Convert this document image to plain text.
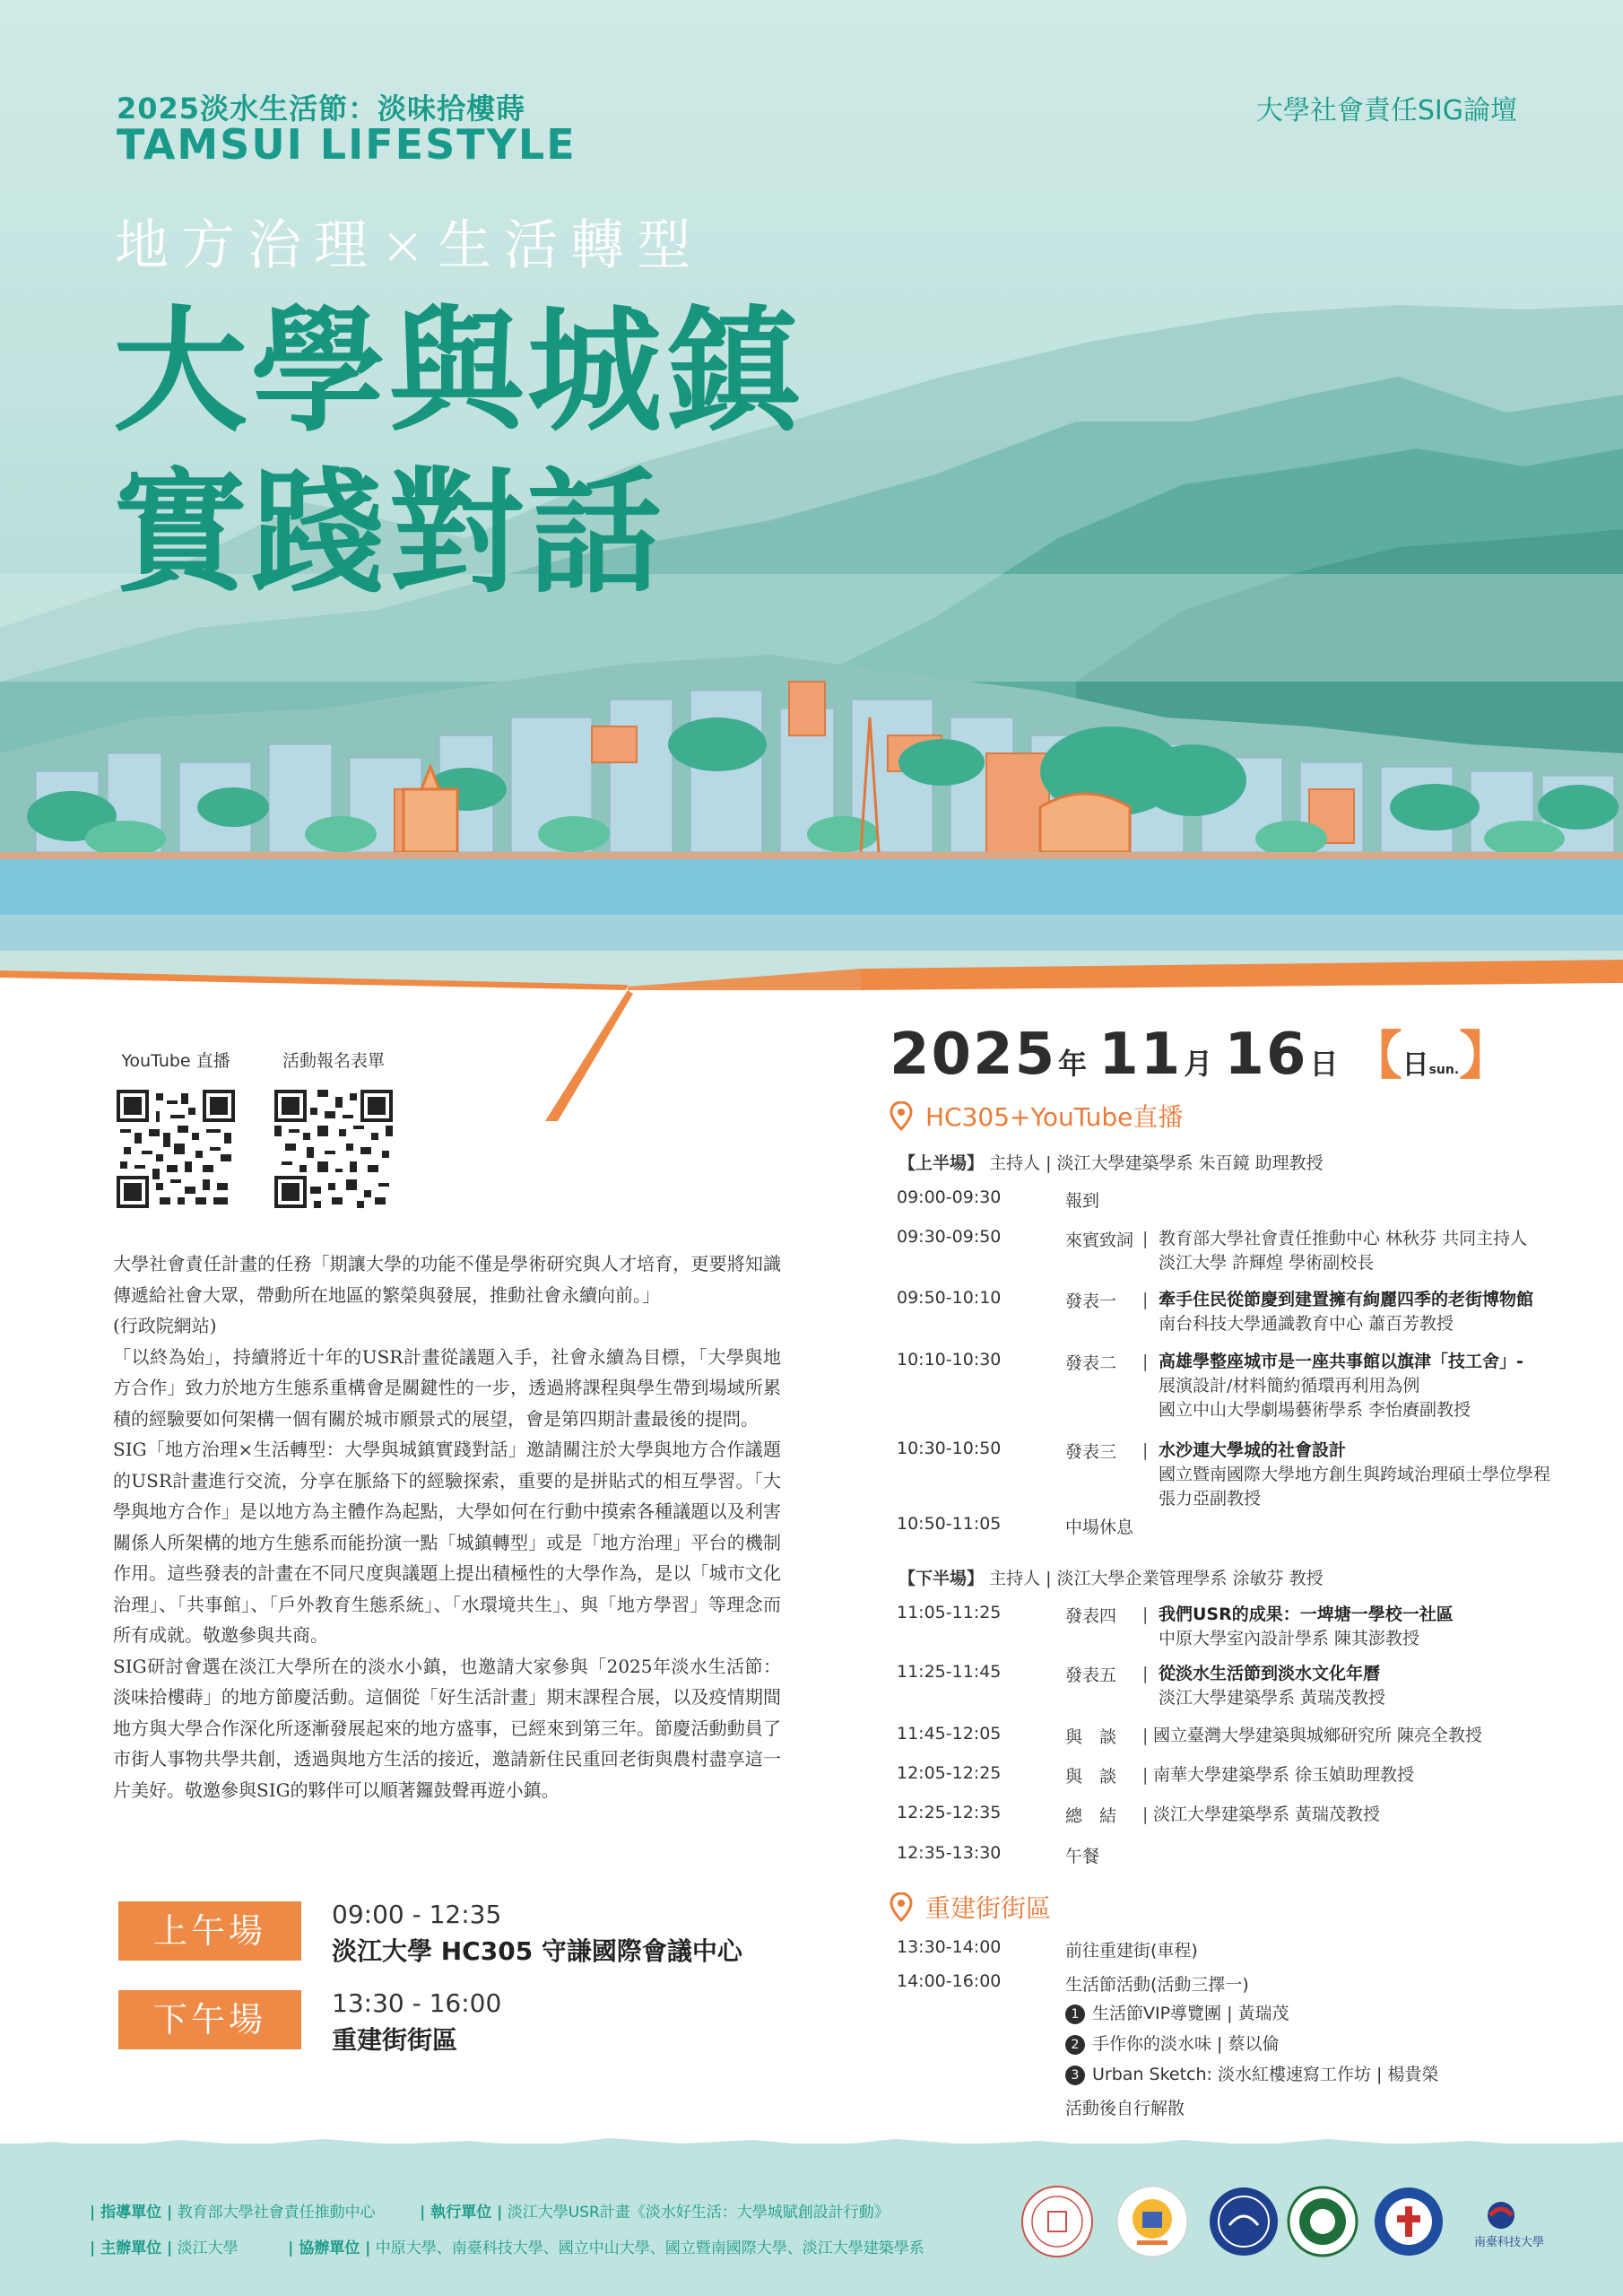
2025淡水生活節：淡味拾樓蒔
TAMSUI LIFESTYLE
大學社會責任SIG論壇
地方治理×生活轉型
大學與城鎮
實踐對話
YouTube 直播	活動報名表單

大學社會責任計畫的任務「期讓大學的功能不僅是學術研究與人才培育，更要將知識傳遞給社會大眾，帶動所在地區的繁榮與發展，推動社會永續向前。」

(行政院網站)

「以終為始」，持續將近十年的USR計畫從議題入手，社會永續為目標，「大學與地方合作」致力於地方生態系重構會是關鍵性的一步，透過將課程與學生帶到場域所累積的經驗要如何架構一個有關於城市願景式的展望，會是第四期計畫最後的提問。

SIG「地方治理×生活轉型：大學與城鎮實踐對話」邀請關注於大學與地方合作議題的USR計畫進行交流，分享在脈絡下的經驗探索，重要的是拼貼式的相互學習。「大學與地方合作」是以地方為主體作為起點，大學如何在行動中摸索各種議題以及利害關係人所架構的地方生態系而能扮演一點「城鎮轉型」或是「地方治理」平台的機制作用。這些發表的計畫在不同尺度與議題上提出積極性的大學作為，是以「城市文化治理」、「共事館」、「戶外教育生態系統」、「水環境共生」、與「地方學習」等理念而所有成就。敬邀參與共商。

SIG研討會選在淡江大學所在的淡水小鎮，也邀請大家參與「2025年淡水生活節：淡味拾樓蒔」的地方節慶活動。這個從「好生活計畫」期末課程合展，以及疫情期間地方與大學合作深化所逐漸發展起來的地方盛事，已經來到第三年。節慶活動動員了市街人事物共學共創，透過與地方生活的接近，邀請新住民重回老街與農村盡享這一片美好。敬邀參與SIG的夥伴可以順著鑼鼓聲再遊小鎮。

上午場	09:00 - 12:35
淡江大學 HC305 守謙國際會議中心
下午場	13:30 - 16:00
重建街街區
2025年 11月 16日 【日sun.】
HC305+YouTube直播
【上半場】 主持人 | 淡江大學建築學系 朱百鏡 助理教授
09:00-09:30	報到
09:30-09:50	來賓致詞 | 教育部大學社會責任推動中心 林秋芬 共同主持人
淡江大學 許輝煌 學術副校長
09:50-10:10	發表一 | 牽手住民從節慶到建置擁有絢麗四季的老街博物館
南台科技大學通識教育中心 蕭百芳教授
10:10-10:30	發表二 | 高雄學整座城市是一座共事館以旗津「技工舍」-
展演設計/材料簡約循環再利用為例
國立中山大學劇場藝術學系 李怡賡副教授
10:30-10:50	發表三 | 水沙連大學城的社會設計
國立暨南國際大學地方創生與跨域治理碩士學位學程
張力亞副教授
10:50-11:05	中場休息
【下半場】 主持人 | 淡江大學企業管理學系 涂敏芬 教授
11:05-11:25	發表四 | 我們USR的成果：一埤塘一學校一社區
中原大學室內設計學系 陳其澎教授
11:25-11:45	發表五 | 從淡水生活節到淡水文化年曆
淡江大學建築學系 黃瑞茂教授
11:45-12:05	與　談 | 國立臺灣大學建築與城鄉研究所 陳亮全教授
12:05-12:25	與　談 | 南華大學建築學系 徐玉媜助理教授
12:25-12:35	總　結 | 淡江大學建築學系 黃瑞茂教授
12:35-13:30	午餐
重建街街區
13:30-14:00	前往重建街(車程)
14:00-16:00	生活節活動(活動三擇一)
1 生活節VIP導覽團 | 黃瑞茂
2 手作你的淡水味 | 蔡以倫
3 Urban Sketch: 淡水紅樓速寫工作坊 | 楊貴榮
活動後自行解散
| 指導單位 | 教育部大學社會責任推動中心	| 執行單位 | 淡江大學USR計畫《淡水好生活：大學城賦創設計行動》
| 主辦單位 | 淡江大學	| 協辦單位 | 中原大學、南臺科技大學、國立中山大學、國立暨南國際大學、淡江大學建築學系	南臺科技大學
